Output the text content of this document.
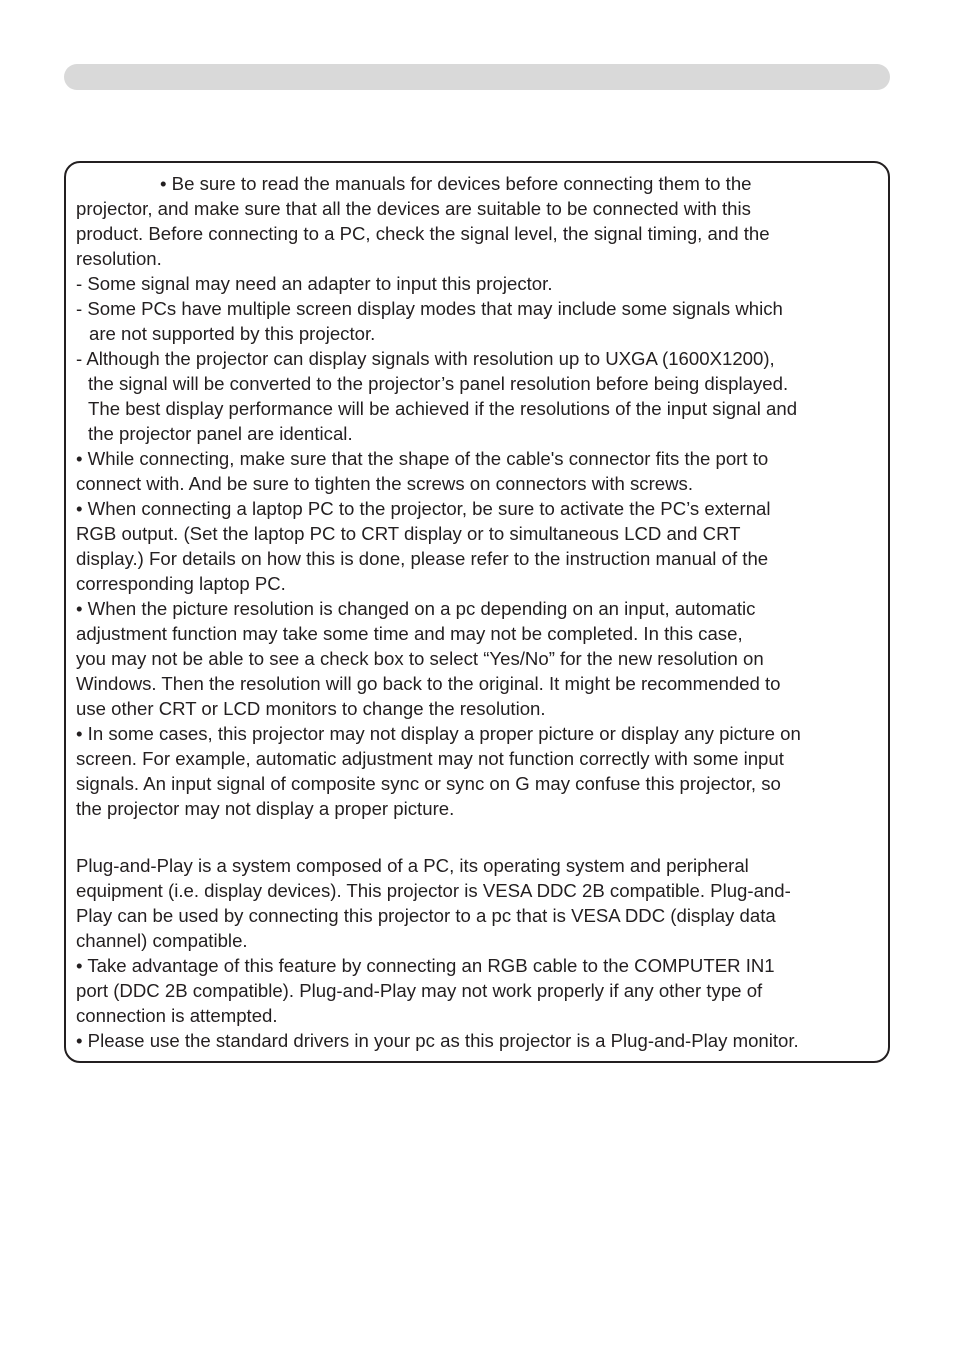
• Be sure to read the manuals for devices before connecting them to the
projector, and make sure that all the devices are suitable to be connected with this
product. Before connecting to a PC, check the signal level, the signal timing, and the
resolution.
- Some signal may need an adapter to input this projector.
- Some PCs have multiple screen display modes that may include some signals which
are not supported by this projector.
- Although the projector can display signals with resolution up to UXGA (1600X1200),
the signal will be converted to the projector’s panel resolution before being displayed.
The best display performance will be achieved if the resolutions of the input signal and
the projector panel are identical.
• While connecting, make sure that the shape of the cable's connector fits the port to
connect with. And be sure to tighten the screws on connectors with screws.
• When connecting a laptop PC to the projector, be sure to activate the PC’s external
RGB output. (Set the laptop PC to CRT display or to simultaneous LCD and CRT
display.) For details on how this is done, please refer to the instruction manual of the
corresponding laptop PC.
• When the picture resolution is changed on a pc depending on an input, automatic
adjustment function may take some time and may not be completed. In this case,
you may not be able to see a check box to select “Yes/No” for the new resolution on
Windows. Then the resolution will go back to the original. It might be recommended to
use other CRT or LCD monitors to change the resolution.
• In some cases, this projector may not display a proper picture or display any picture on
screen. For example, automatic adjustment may not function correctly with some input
signals. An input signal of composite sync or sync on G may confuse this projector, so
the projector may not display a proper picture.
Plug-and-Play is a system composed of a PC, its operating system and peripheral
equipment (i.e. display devices). This projector is VESA DDC 2B compatible. Plug-and-
Play can be used by connecting this projector to a pc that is VESA DDC (display data
channel) compatible.
• Take advantage of this feature by connecting an RGB cable to the COMPUTER IN1
port (DDC 2B compatible). Plug-and-Play may not work properly if any other type of
connection is attempted.
• Please use the standard drivers in your pc as this projector is a Plug-and-Play monitor.
